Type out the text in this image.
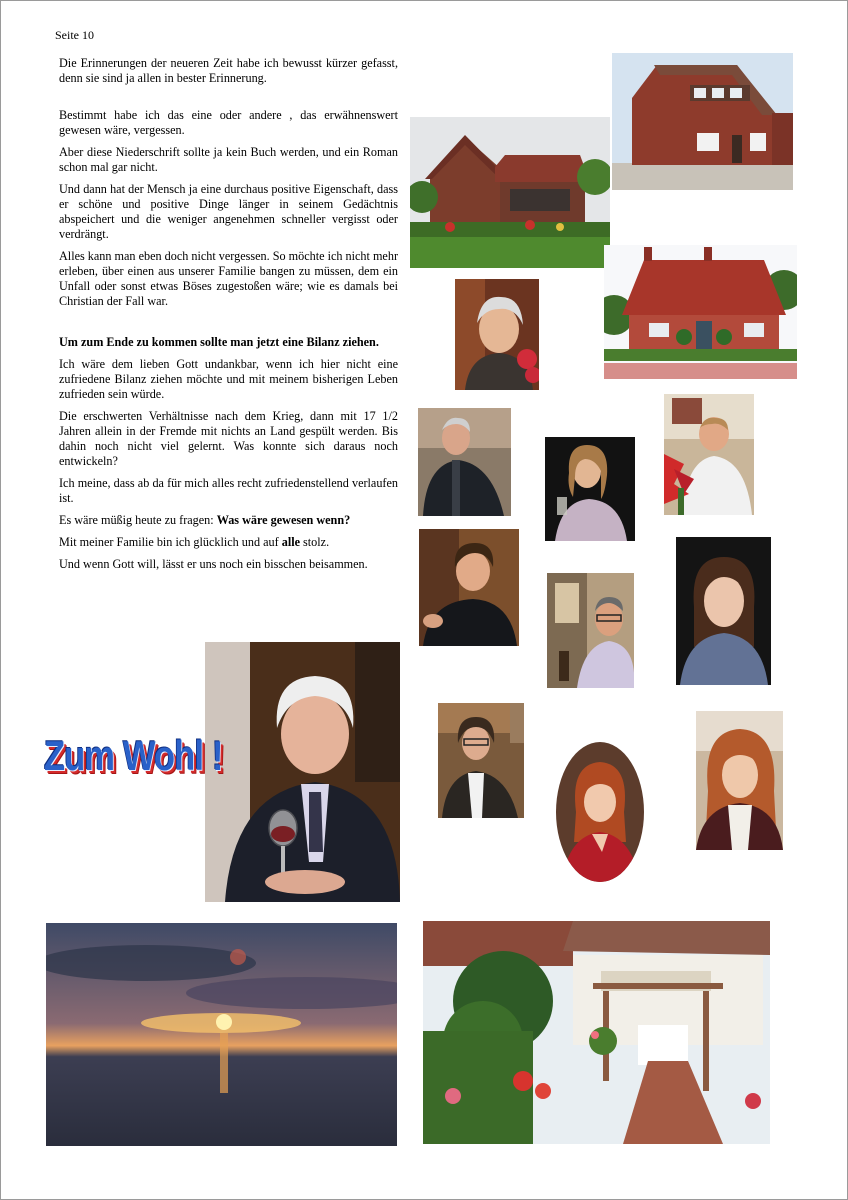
Seite 10

Die Erinnerungen der neueren Zeit habe ich bewusst kürzer gefasst, denn sie sind ja allen in bester Erinnerung.

Bestimmt habe ich das eine oder andere , das erwähnenswert gewesen wäre, vergessen.

Aber diese Niederschrift sollte ja kein Buch werden, und ein Roman schon mal gar nicht.

Und dann hat der Mensch ja eine durchaus positive Eigenschaft, dass er schöne und positive Dinge länger in seinem Gedächtnis abspeichert und die weniger angenehmen schneller vergisst oder verdrängt.

Alles kann man eben doch nicht vergessen. So möchte ich nicht mehr erleben, über einen aus unserer Familie bangen zu müssen, dem ein Unfall oder sonst etwas Böses zugestoßen wäre; wie es damals bei Christian der Fall war.

Um zum Ende zu kommen sollte man jetzt eine Bilanz ziehen.

Ich wäre dem lieben Gott undankbar, wenn ich hier nicht eine zufriedene Bilanz ziehen möchte und mit meinem bisherigen Leben zufrieden sein würde.

Die erschwerten Verhältnisse nach dem Krieg, dann mit 17 1/2 Jahren allein in der Fremde mit nichts an Land gespült werden. Bis dahin noch nicht viel gelernt. Was konnte sich daraus noch entwickeln?

Ich meine, dass ab da für mich alles recht zufriedenstellend verlaufen ist.

Es wäre müßig heute zu fragen: Was wäre gewesen wenn?

Mit meiner Familie bin ich glücklich und auf alle stolz.

Und wenn Gott will, lässt er uns noch ein bisschen beisammen.

Zum Wohl !
